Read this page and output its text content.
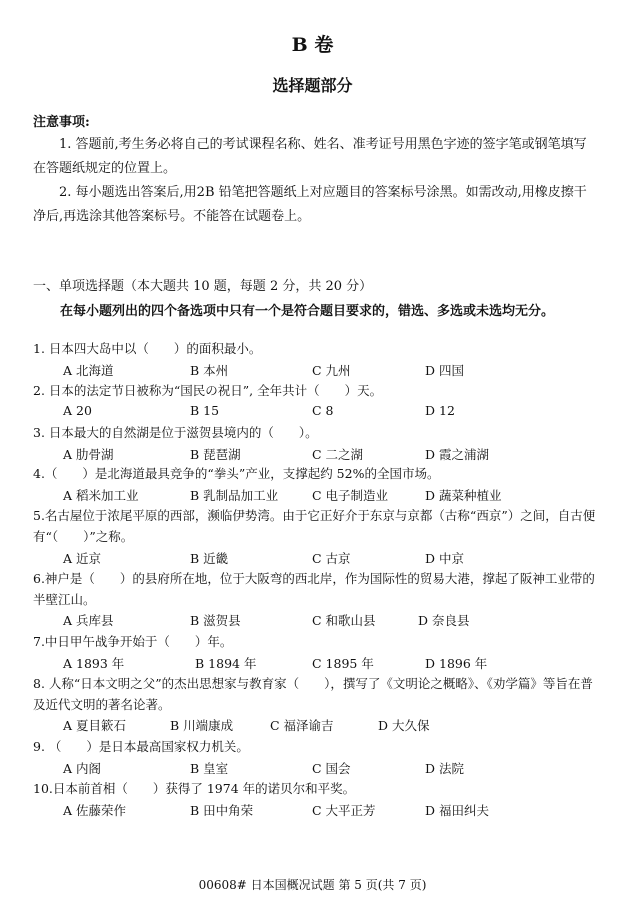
B 卷
选择题部分
注意事项:
1. 答题前,考生务必将自己的考试课程名称、姓名、准考证号用黑色字迹的签字笔或钢笔填写在答题纸规定的位置上。
2. 每小题选出答案后,用2B 铅笔把答题纸上对应题目的答案标号涂黑。如需改动,用橡皮擦干净后,再选涂其他答案标号。不能答在试题卷上。
一、单项选择题（本大题共 10 题，每题 2 分，共 20 分）
在每小题列出的四个备选项中只有一个是符合题目要求的，错选、多选或未选均无分。
1. 日本四大岛中以（　　）的面积最小。
A 北海道	B 本州	C 九州	D 四国
2. 日本的法定节日被称为“国民の祝日”, 全年共计（　　）天。
A 20	B 15	C 8	D 12
3. 日本最大的自然湖是位于滋贺县境内的（　　）。
A 肋骨湖	B 琵琶湖	C 二之湖	D 霞之浦湖
4.（　　）是北海道最具竞争的“拳头”产业，支撑起约 52%的全国市场。
A 稻米加工业	B 乳制品加工业	C 电子制造业	D 蔬菜种植业
5.名古屋位于浓尾平原的西部，濒临伊势湾。由于它正好介于东京与京都（古称“西京”）之间，自古便有“（　　）”之称。
A 近京	B 近畿	C 古京	D 中京
6.神户是（　　）的县府所在地，位于大阪弯的西北岸，作为国际性的贸易大港，撑起了阪神工业带的半壁江山。
A 兵库县	B 滋贺县	C 和歌山县	D 奈良县
7.中日甲午战争开始于（　　）年。
A 1893 年	B 1894 年	C 1895 年	D 1896 年
8. 人称“日本文明之父”的杰出思想家与教育家（　　），撰写了《文明论之概略》、《劝学篇》等旨在普及近代文明的著名论著。
A 夏目簌石	B 川端康成	C 福泽谕吉	D 大久保
9. （　　）是日本最高国家权力机关。
A 内阁	B 皇室	C 国会	D 法院
10.日本前首相（　　）获得了 1974 年的诺贝尔和平奖。
A 佐藤荣作	B 田中角荣	C 大平正芳	D 福田纠夫
00608# 日本国概况试题 第 5 页(共 7 页)
